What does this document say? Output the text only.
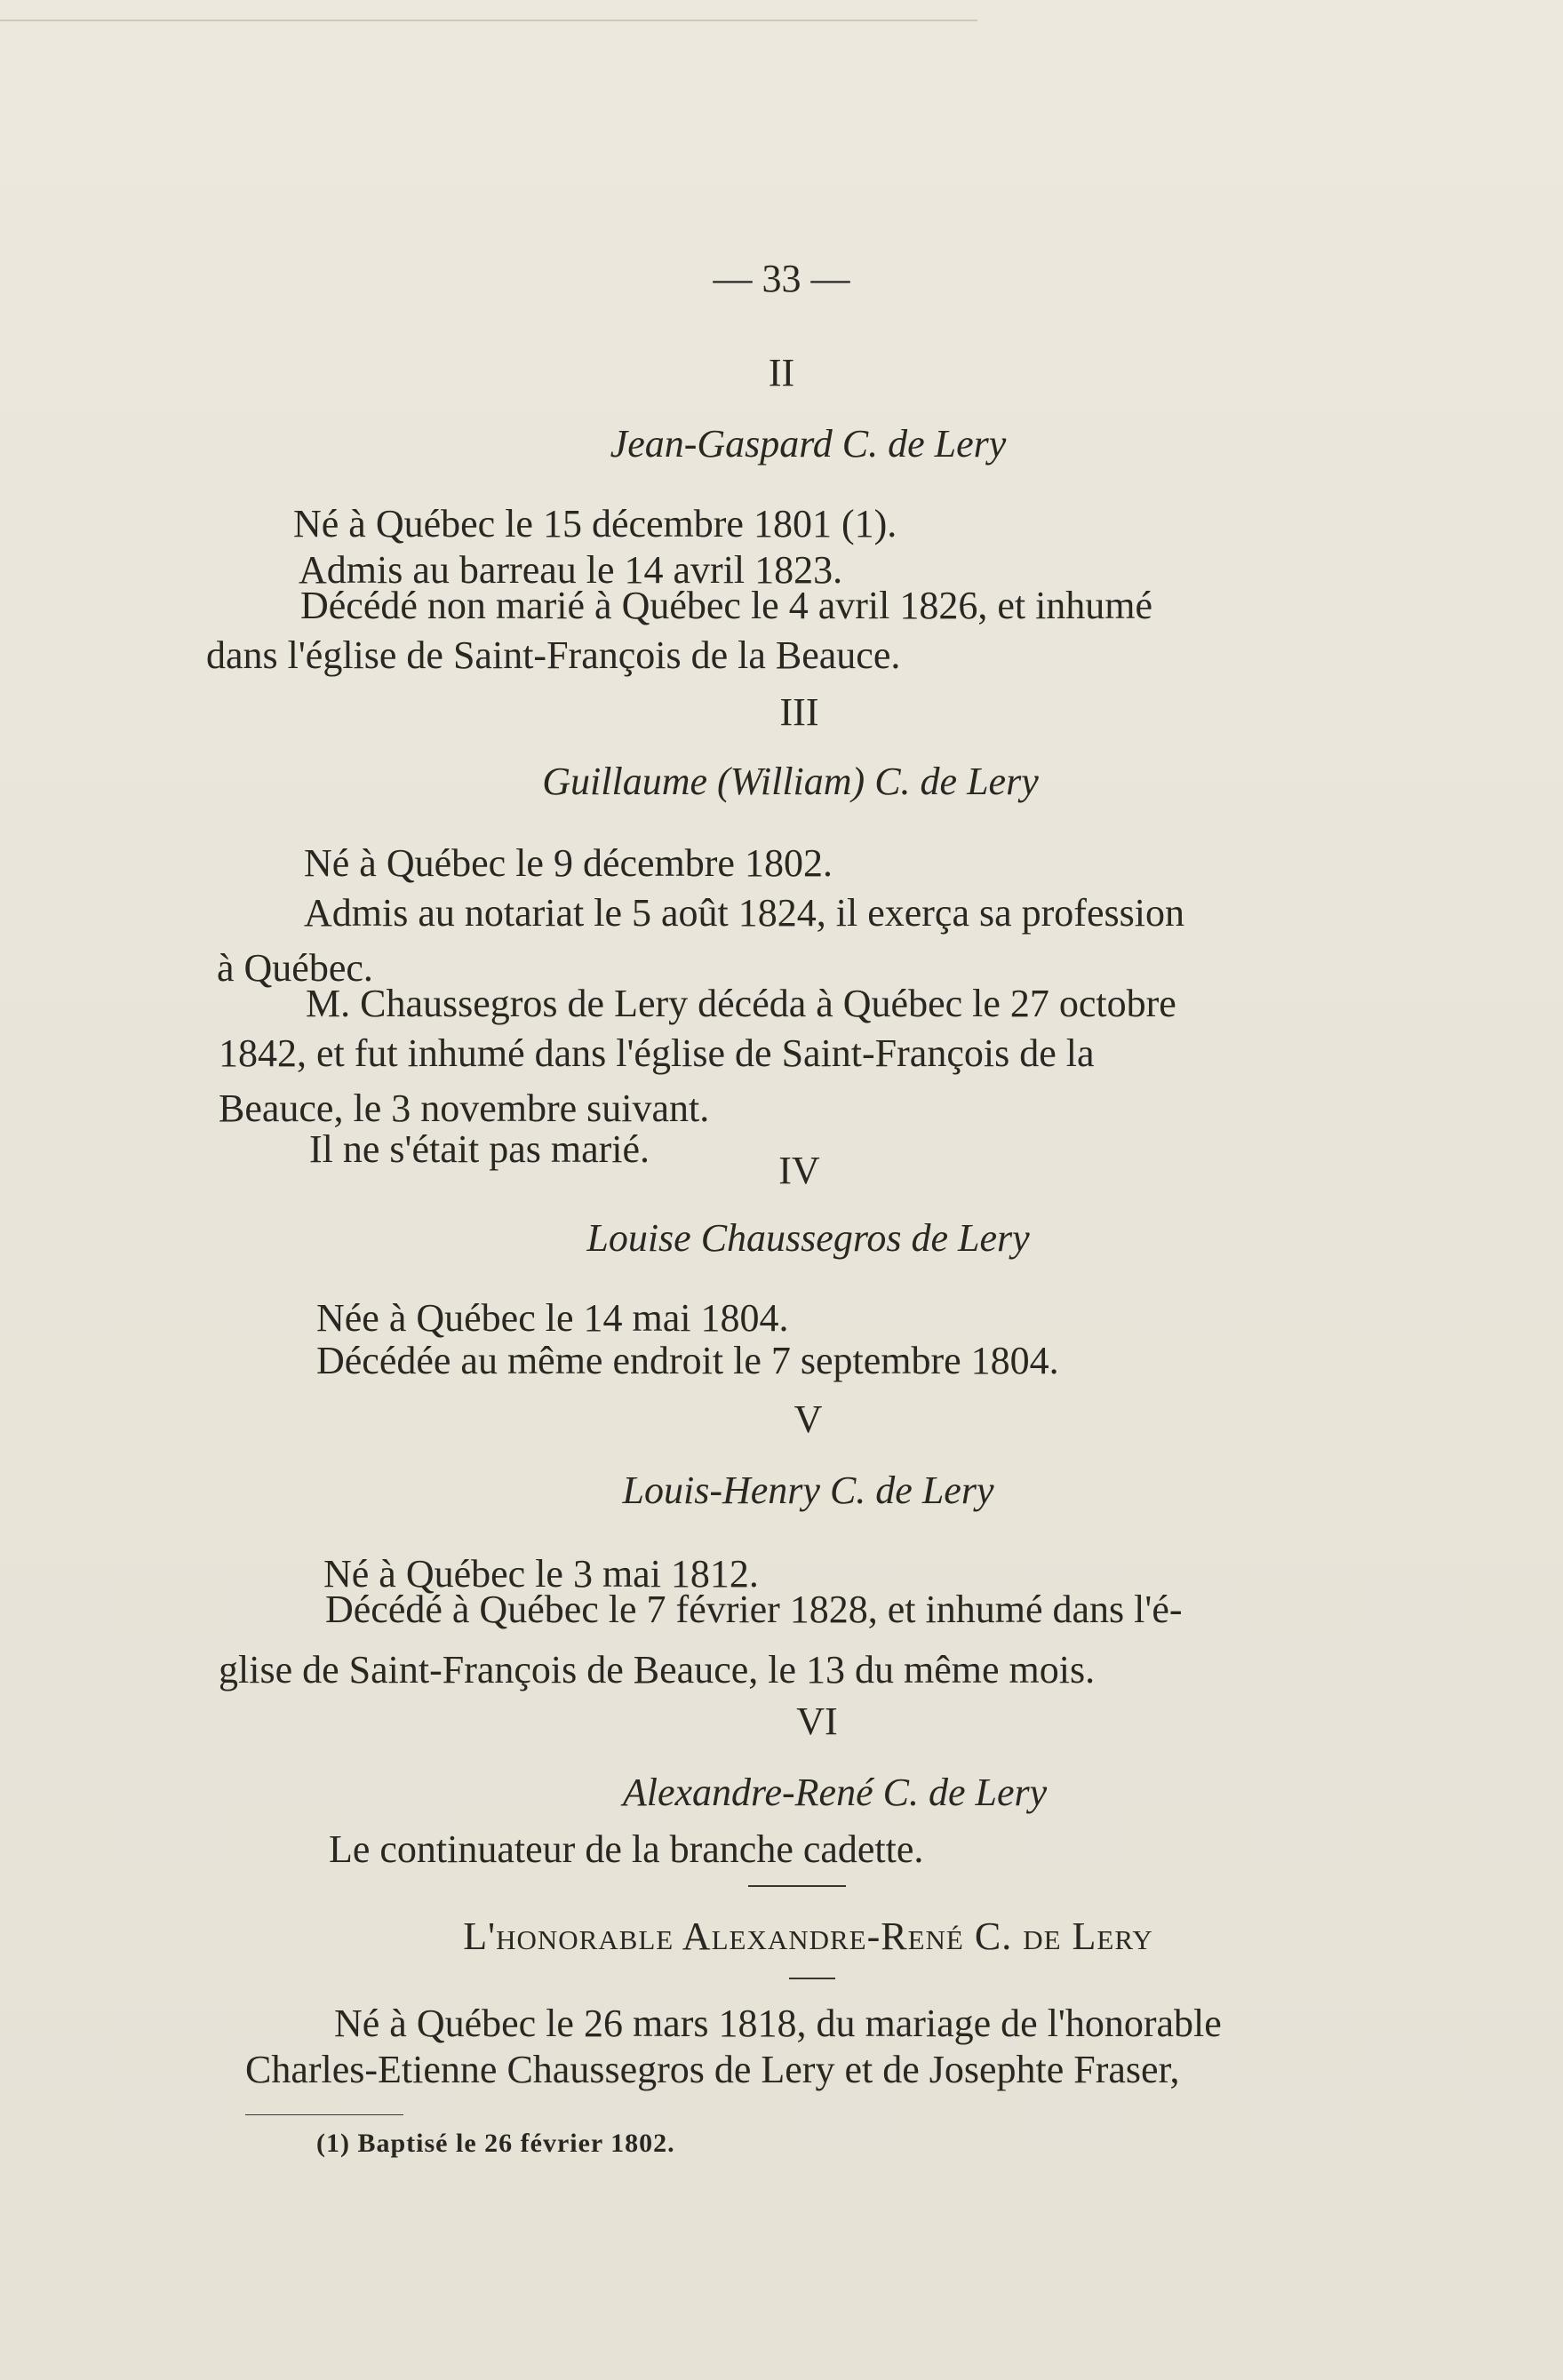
— 33 —
II
Jean-Gaspard C. de Lery
Né à Québec le 15 décembre 1801 (1).
Admis au barreau le 14 avril 1823.
Décédé non marié à Québec le 4 avril 1826, et inhumé
dans l'église de Saint-François de la Beauce.
III
Guillaume (William) C. de Lery
Né à Québec le 9 décembre 1802.
Admis au notariat le 5 août 1824, il exerça sa profession
à Québec.
M. Chaussegros de Lery décéda à Québec le 27 octobre
1842, et fut inhumé dans l'église de Saint-François de la
Beauce, le 3 novembre suivant.
Il ne s'était pas marié.	IV
Louise Chaussegros de Lery
Née à Québec le 14 mai 1804.
Décédée au même endroit le 7 septembre 1804.
V
Louis-Henry C. de Lery
Né à Québec le 3 mai 1812.
Décédé à Québec le 7 février 1828, et inhumé dans l'é-
glise de Saint-François de Beauce, le 13 du même mois.
VI
Alexandre-René C. de Lery
Le continuateur de la branche cadette.
L'honorable Alexandre-René C. de Lery
Né à Québec le 26 mars 1818, du mariage de l'honorable
Charles-Etienne Chaussegros de Lery et de Josephte Fraser,
(1) Baptisé le 26 février 1802.
